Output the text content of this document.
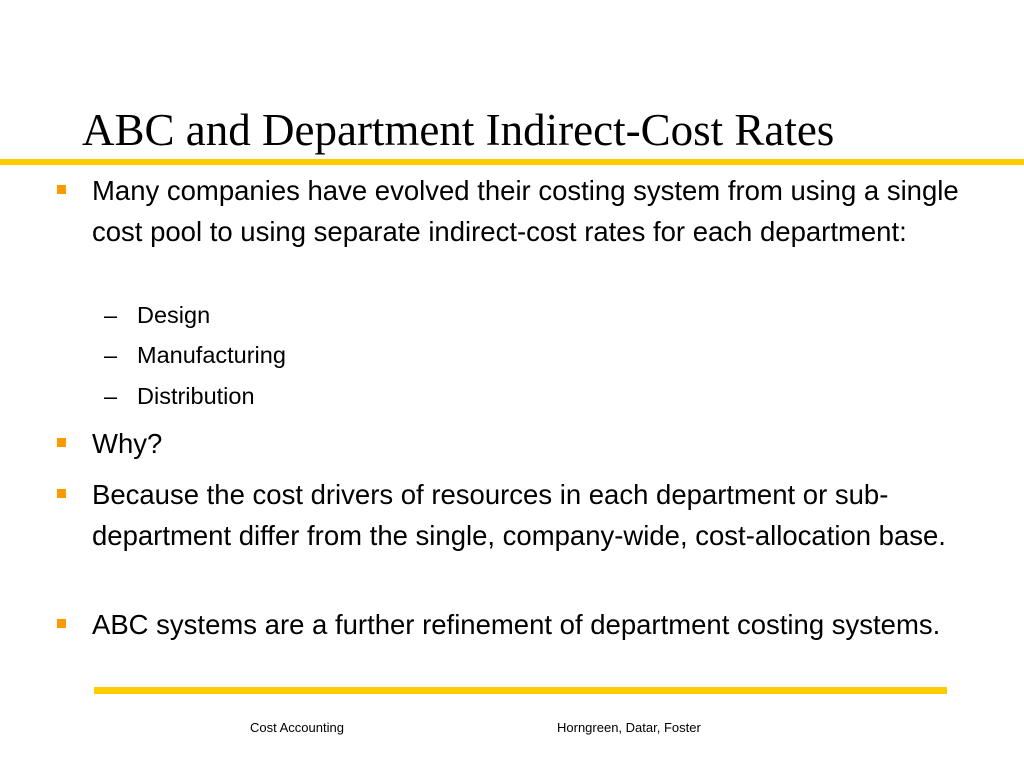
ABC and Department Indirect-Cost Rates

Many companies have evolved their costing system from using a single cost pool to using separate indirect-cost rates for each department:

– Design

– Manufacturing

– Distribution

Why?

Because the cost drivers of resources in each department or sub-department differ from the single, company-wide, cost-allocation base.

ABC systems are a further refinement of department costing systems.

Cost Accounting	Horngreen, Datar, Foster
